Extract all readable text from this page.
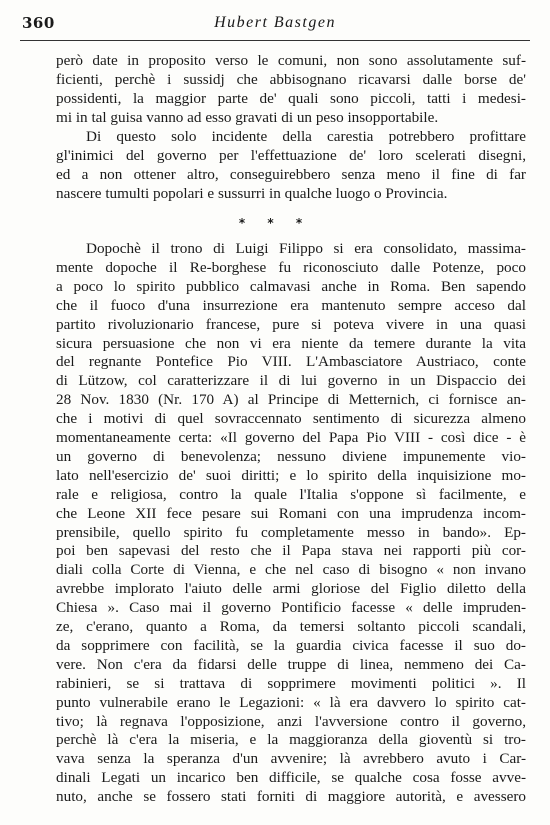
360	Hubert Bastgen
però date in proposito verso le comuni, non sono assolutamente suf-
ficienti, perchè i sussidj che abbisognano ricavarsi dalle borse de'
possidenti, la maggior parte de' quali sono piccoli, tatti i medesi-
mi in tal guisa vanno ad esso gravati di un peso insopportabile.
Di questo solo incidente della carestia potrebbero profittare
gl'inimici del governo per l'effettuazione de' loro scelerati disegni,
ed a non ottener altro, conseguirebbero senza meno il fine di far
nascere tumulti popolari e sussurri in qualche luogo o Provincia.
* * *
Dopochè il trono di Luigi Filippo si era consolidato, massima-
mente dopoche il Re-borghese fu riconosciuto dalle Potenze, poco
a poco lo spirito pubblico calmavasi anche in Roma. Ben sapendo
che il fuoco d'una insurrezione era mantenuto sempre acceso dal
partito rivoluzionario francese, pure si poteva vivere in una quasi
sicura persuasione che non vi era niente da temere durante la vita
del regnante Pontefice Pio VIII. L'Ambasciatore Austriaco, conte
di Lützow, col caratterizzare il di lui governo in un Dispaccio dei
28 Nov. 1830 (Nr. 170 A) al Principe di Metternich, ci fornisce an-
che i motivi di quel sovraccennato sentimento di sicurezza almeno
momentaneamente certa: «Il governo del Papa Pio VIII - così dice - è
un governo di benevolenza; nessuno diviene impunemente vio-
lato nell'esercizio de' suoi diritti; e lo spirito della inquisizione mo-
rale e religiosa, contro la quale l'Italia s'oppone sì facilmente, e
che Leone XII fece pesare sui Romani con una imprudenza incom-
prensibile, quello spirito fu completamente messo in bando». Ep-
poi ben sapevasi del resto che il Papa stava nei rapporti più cor-
diali colla Corte di Vienna, e che nel caso di bisogno « non invano
avrebbe implorato l'aiuto delle armi gloriose del Figlio diletto della
Chiesa ». Caso mai il governo Pontificio facesse « delle impruden-
ze, c'erano, quanto a Roma, da temersi soltanto piccoli scandali,
da sopprimere con facilità, se la guardia civica facesse il suo do-
vere. Non c'era da fidarsi delle truppe di linea, nemmeno dei Ca-
rabinieri, se si trattava di sopprimere movimenti politici ». Il
punto vulnerabile erano le Legazioni: « là era davvero lo spirito cat-
tivo; là regnava l'opposizione, anzi l'avversione contro il governo,
perchè là c'era la miseria, e la maggioranza della gioventù si tro-
vava senza la speranza d'un avvenire; là avrebbero avuto i Car-
dinali Legati un incarico ben difficile, se qualche cosa fosse avve-
nuto, anche se fossero stati forniti di maggiore autorità, e avessero
